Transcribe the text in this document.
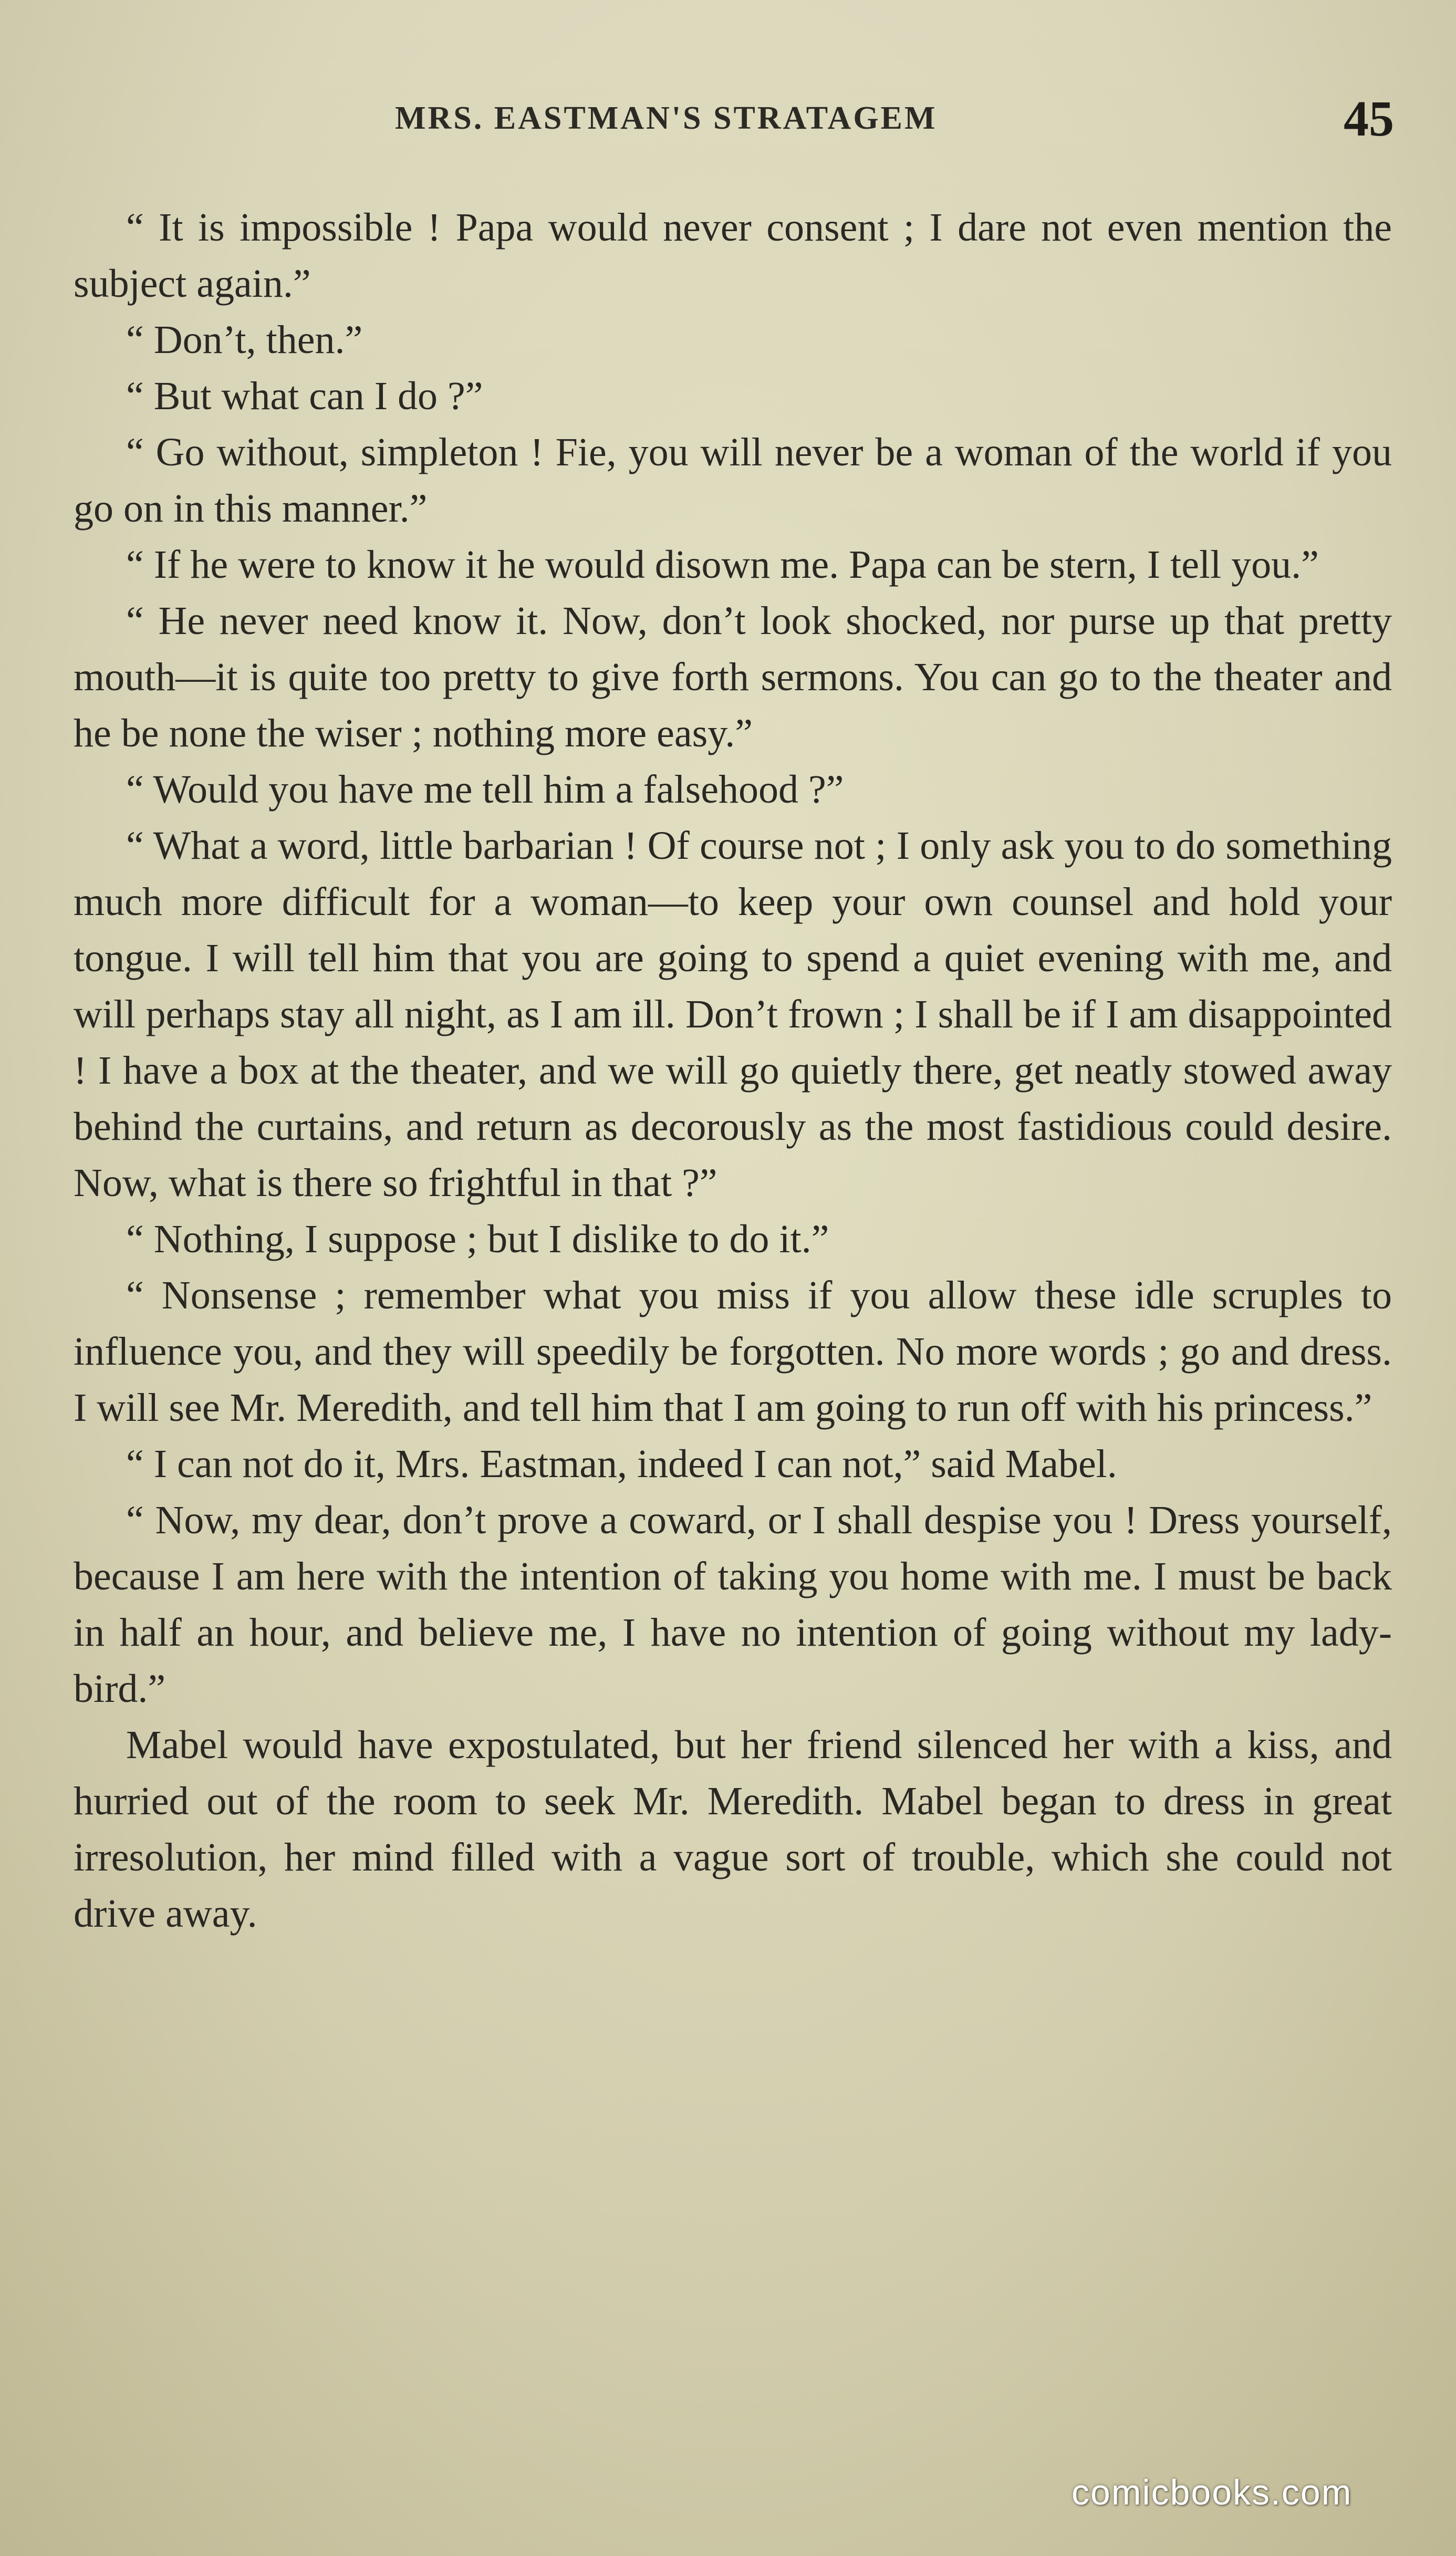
MRS. EASTMAN'S STRATAGEM	45

“ It is impossible ! Papa would never consent ; I dare not even mention the subject again.”

“ Don’t, then.”

“ But what can I do ?”

“ Go without, simpleton ! Fie, you will never be a woman of the world if you go on in this manner.”

“ If he were to know it he would disown me. Papa can be stern, I tell you.”

“ He never need know it. Now, don’t look shocked, nor purse up that pretty mouth—it is quite too pretty to give forth sermons. You can go to the theater and he be none the wiser ; nothing more easy.”

“ Would you have me tell him a falsehood ?”

“ What a word, little barbarian ! Of course not ; I only ask you to do something much more difficult for a woman—to keep your own counsel and hold your tongue. I will tell him that you are going to spend a quiet evening with me, and will perhaps stay all night, as I am ill. Don’t frown ; I shall be if I am disappointed ! I have a box at the theater, and we will go quietly there, get neatly stowed away behind the curtains, and return as decorously as the most fastidious could desire. Now, what is there so frightful in that ?”

“ Nothing, I suppose ; but I dislike to do it.”

“ Nonsense ; remember what you miss if you allow these idle scruples to influence you, and they will speedily be forgotten. No more words ; go and dress. I will see Mr. Meredith, and tell him that I am going to run off with his princess.”

“ I can not do it, Mrs. Eastman, indeed I can not,” said Mabel.

“ Now, my dear, don’t prove a coward, or I shall despise you ! Dress yourself, because I am here with the intention of taking you home with me. I must be back in half an hour, and believe me, I have no intention of going without my lady-bird.”

Mabel would have expostulated, but her friend silenced her with a kiss, and hurried out of the room to seek Mr. Meredith. Mabel began to dress in great irresolution, her mind filled with a vague sort of trouble, which she could not drive away.

comicbooks.com
